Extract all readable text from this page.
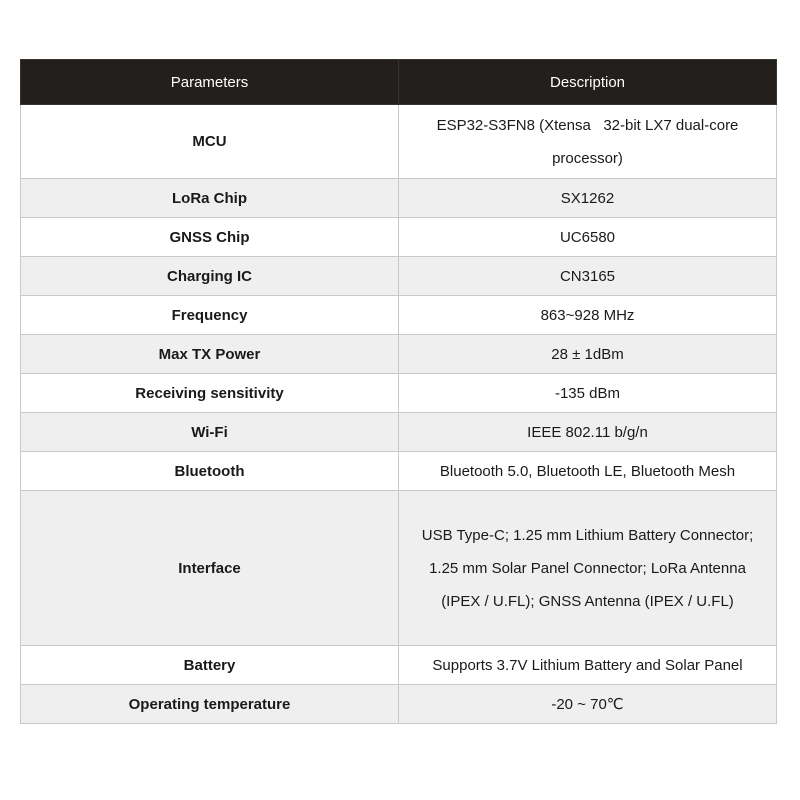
Parameters	Description
MCU	ESP32-S3FN8 (Xtensa   32-bit LX7 dual-core processor)
LoRa Chip	SX1262
GNSS Chip	UC6580
Charging IC	CN3165
Frequency	863~928 MHz
Max TX Power	28 ± 1dBm
Receiving sensitivity	-135 dBm
Wi-Fi	IEEE 802.11 b/g/n
Bluetooth	Bluetooth 5.0, Bluetooth LE, Bluetooth Mesh
Interface	USB Type-C; 1.25 mm Lithium Battery Connector; 1.25 mm Solar Panel Connector; LoRa Antenna (IPEX / U.FL); GNSS Antenna (IPEX / U.FL)
Battery	Supports 3.7V Lithium Battery and Solar Panel
Operating temperature	-20 ~ 70℃
